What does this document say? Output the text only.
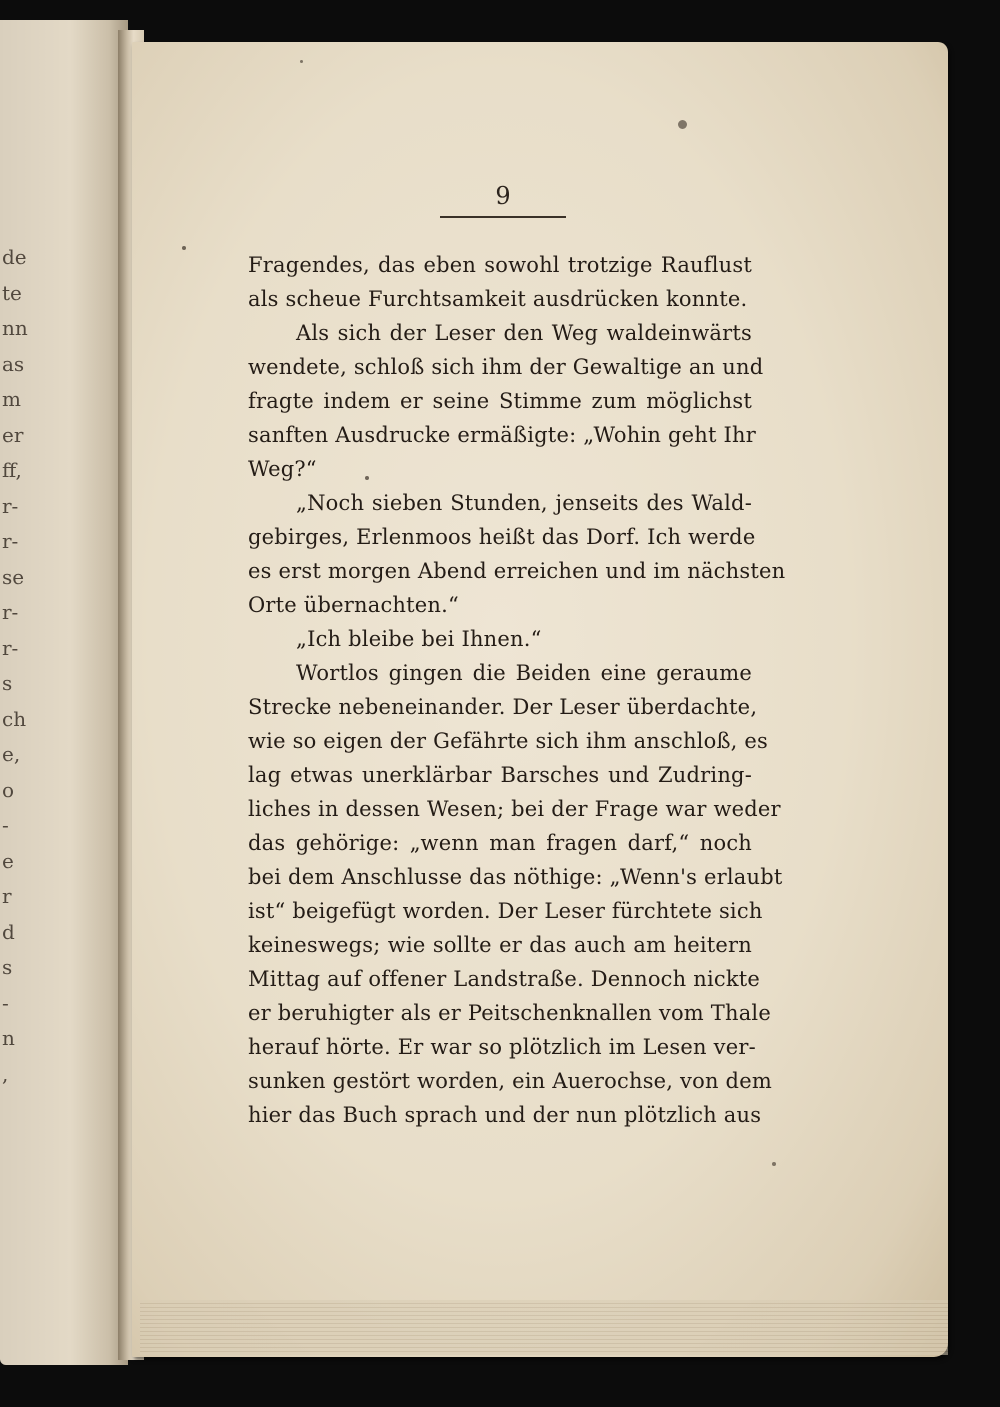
de
te
nn
as
m
er
ff,
r-
r-
se
r-
r-
s
ch
e,
o
-
e
r
d
s
-
n
,
9
Fragendes, das eben sowohl trotzige Rauflust
als scheue Furchtsamkeit ausdrücken konnte.
Als sich der Leser den Weg waldeinwärts
wendete, schloß sich ihm der Gewaltige an und
fragte indem er seine Stimme zum möglichst
sanften Ausdrucke ermäßigte: „Wohin geht Ihr
Weg?“
„Noch sieben Stunden, jenseits des Wald-
gebirges, Erlenmoos heißt das Dorf. Ich werde
es erst morgen Abend erreichen und im nächsten
Orte übernachten.“
„Ich bleibe bei Ihnen.“
Wortlos gingen die Beiden eine geraume
Strecke nebeneinander. Der Leser überdachte,
wie so eigen der Gefährte sich ihm anschloß, es
lag etwas unerklärbar Barsches und Zudring-
liches in dessen Wesen; bei der Frage war weder
das gehörige: „wenn man fragen darf,“ noch
bei dem Anschlusse das nöthige: „Wenn's erlaubt
ist“ beigefügt worden. Der Leser fürchtete sich
keineswegs; wie sollte er das auch am heitern
Mittag auf offener Landstraße. Dennoch nickte
er beruhigter als er Peitschenknallen vom Thale
herauf hörte. Er war so plötzlich im Lesen ver-
sunken gestört worden, ein Auerochse, von dem
hier das Buch sprach und der nun plötzlich aus
